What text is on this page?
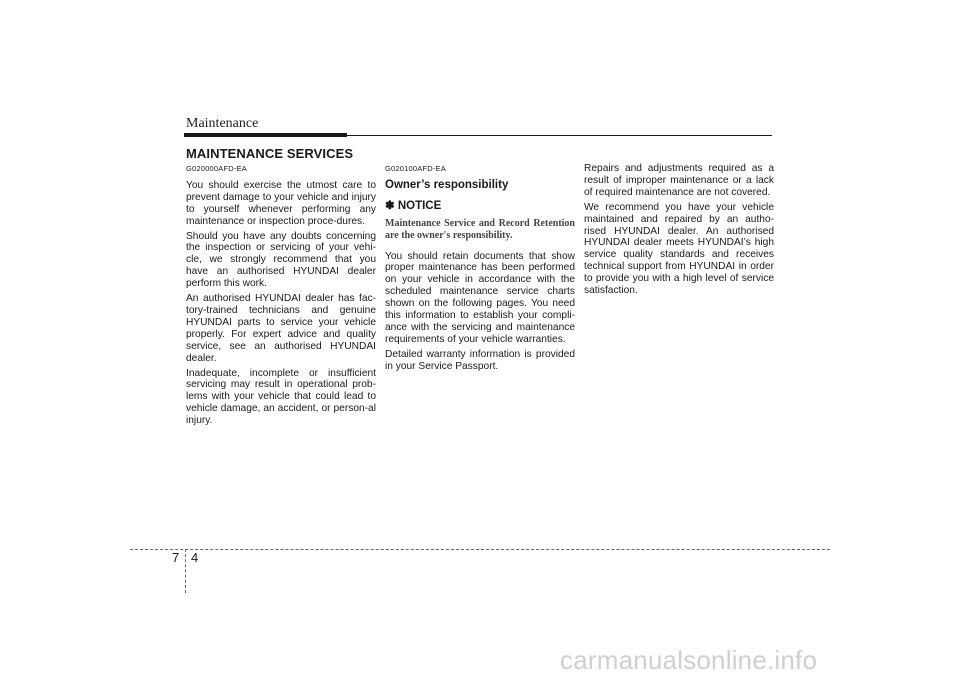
Maintenance
MAINTENANCE SERVICES
G020000AFD-EA

You should exercise the utmost care to prevent damage to your vehicle and injury to yourself whenever performing any maintenance or inspection proce-dures.

Should you have any doubts concerning the inspection or servicing of your vehi-cle, we strongly recommend that you have an authorised HYUNDAI dealer perform this work.

An authorised HYUNDAI dealer has fac-tory-trained technicians and genuine HYUNDAI parts to service your vehicle properly. For expert advice and quality service, see an authorised HYUNDAI dealer.

Inadequate, incomplete or insufficient servicing may result in operational prob-lems with your vehicle that could lead to vehicle damage, an accident, or person-al injury.

G020100AFD-EA
Owner’s responsibility
✽ NOTICE
Maintenance Service and Record Retention are the owner's responsibility.

You should retain documents that show proper maintenance has been performed on your vehicle in accordance with the scheduled maintenance service charts shown on the following pages. You need this information to establish your compli-ance with the servicing and maintenance requirements of your vehicle warranties.

Detailed warranty information is provided in your Service Passport.

Repairs and adjustments required as a result of improper maintenance or a lack of required maintenance are not covered.

We recommend you have your vehicle maintained and repaired by an autho-rised HYUNDAI dealer. An authorised HYUNDAI dealer meets HYUNDAI’s high service quality standards and receives technical support from HYUNDAI in order to provide you with a high level of service satisfaction.

7 4
carmanualsonline.info
